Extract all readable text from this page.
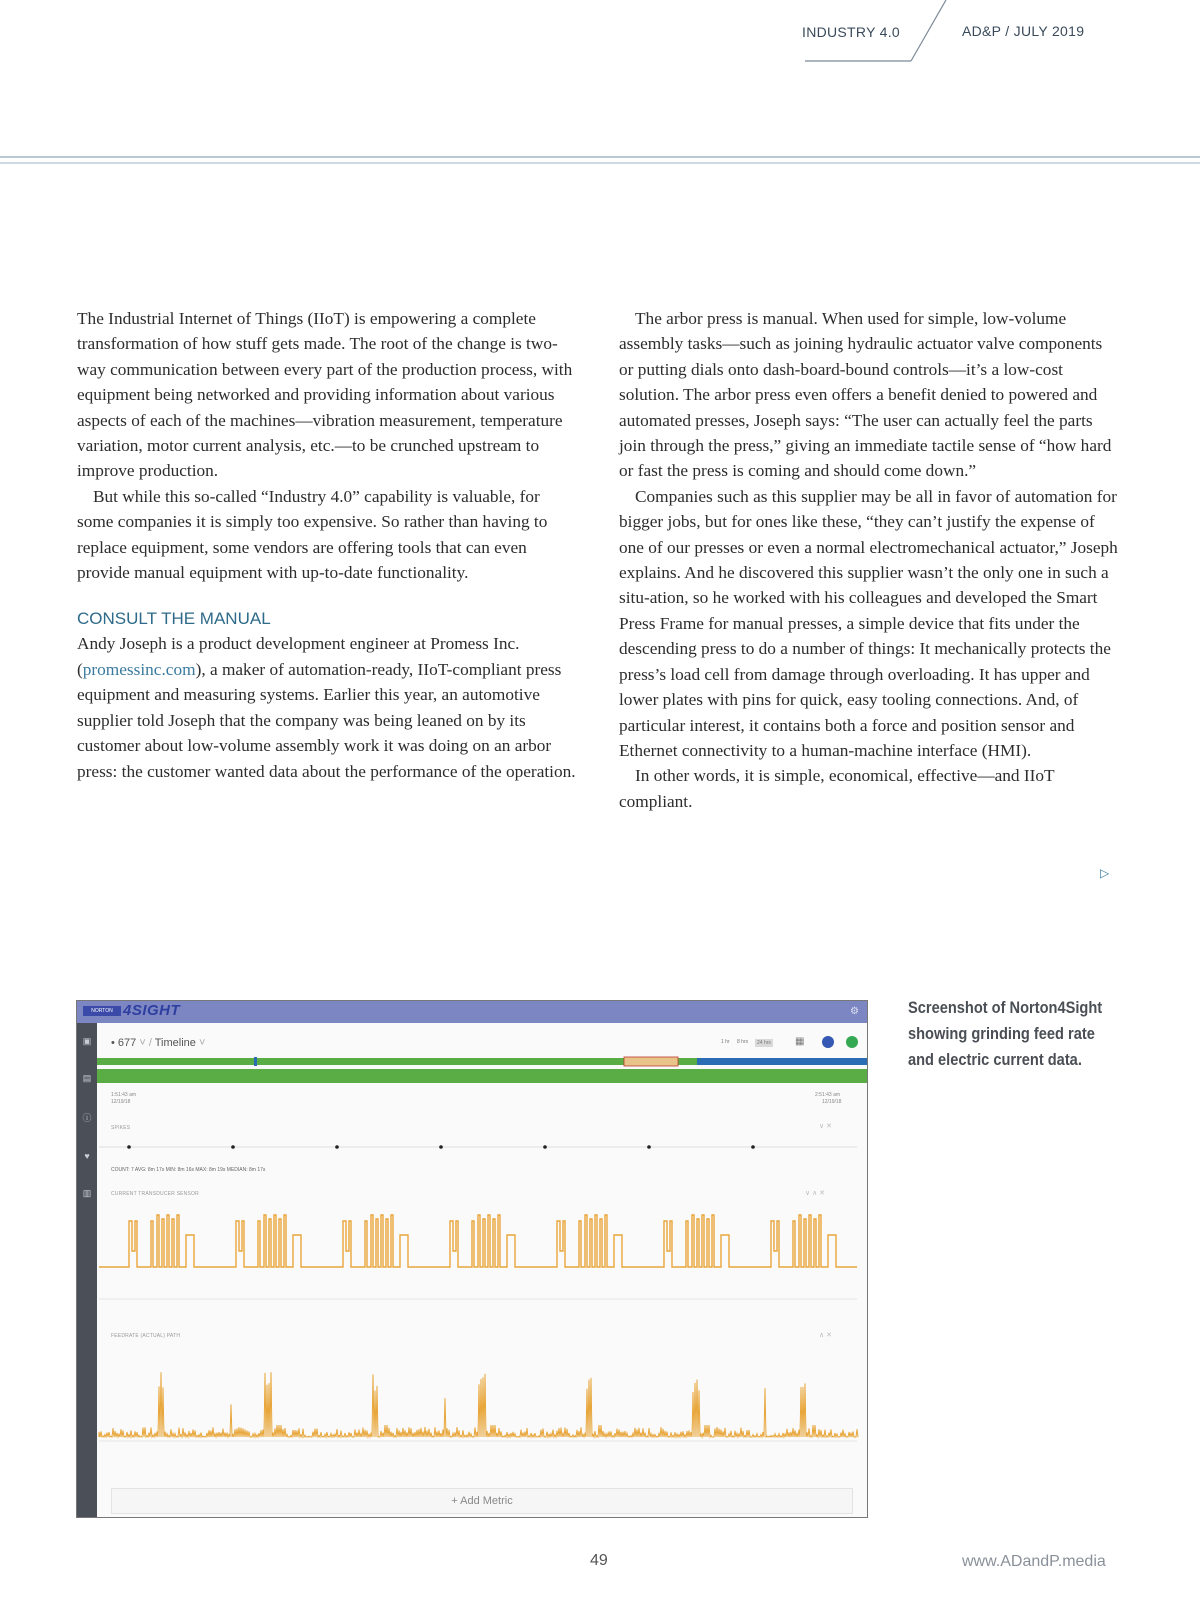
INDUSTRY 4.0	AD&P / JULY 2019

The Industrial Internet of Things (IIoT) is empowering a complete transformation of how stuff gets made. The root of the change is two-way communication between every part of the production process, with equipment being networked and providing information about various aspects of each of the machines—vibration measurement, temperature variation, motor current analysis, etc.—to be crunched upstream to improve production.

But while this so-called “Industry 4.0” capability is valuable, for some companies it is simply too expensive. So rather than having to replace equipment, some vendors are offering tools that can even provide manual equipment with up-to-date functionality.

CONSULT THE MANUAL

Andy Joseph is a product development engineer at Promess Inc. (promessinc.com), a maker of automation-ready, IIoT-compliant press equipment and measuring systems. Earlier this year, an automotive supplier told Joseph that the company was being leaned on by its customer about low-volume assembly work it was doing on an arbor press: the customer wanted data about the performance of the operation.

The arbor press is manual. When used for simple, low-volume assembly tasks—such as joining hydraulic actuator valve components or putting dials onto dash-board-bound controls—it’s a low-cost solution. The arbor press even offers a benefit denied to powered and automated presses, Joseph says: “The user can actually feel the parts join through the press,” giving an immediate tactile sense of “how hard or fast the press is coming and should come down.”

Companies such as this supplier may be all in favor of automation for bigger jobs, but for ones like these, “they can’t justify the expense of one of our presses or even a normal electromechanical actuator,” Joseph explains. And he discovered this supplier wasn’t the only one in such a situ-ation, so he worked with his colleagues and developed the Smart Press Frame for manual presses, a simple device that fits under the descending press to do a number of things: It mechanically protects the press’s load cell from damage through overloading. It has upper and lower plates with pins for quick, easy tooling connections. And, of particular interest, it contains both a force and position sensor and Ethernet connectivity to a human-machine interface (HMI).

In other words, it is simple, economical, effective—and IIoT compliant.

▷
NORTON 4SIGHT	⚙
▣
▤
ⓘ
♥
▥
• 677 ˅ / Timeline ˅	1 hr 8 hrs	24 hrs ▦
1:51:43 am
12/19/18
2:51:43 am
12/19/18
SPIKES	∨ ✕
COUNT: 7 AVG: 8m 17s MIN: 8m 16s MAX: 8m 19s MEDIAN: 8m 17s
CURRENT TRANSDUCER SENSOR	∨ ∧ ✕
FEEDRATE (ACTUAL) PATH	∧ ✕
+ Add Metric
Screenshot of Norton4Sight showing grinding feed rate and electric current data.
49	www.ADandP.media
